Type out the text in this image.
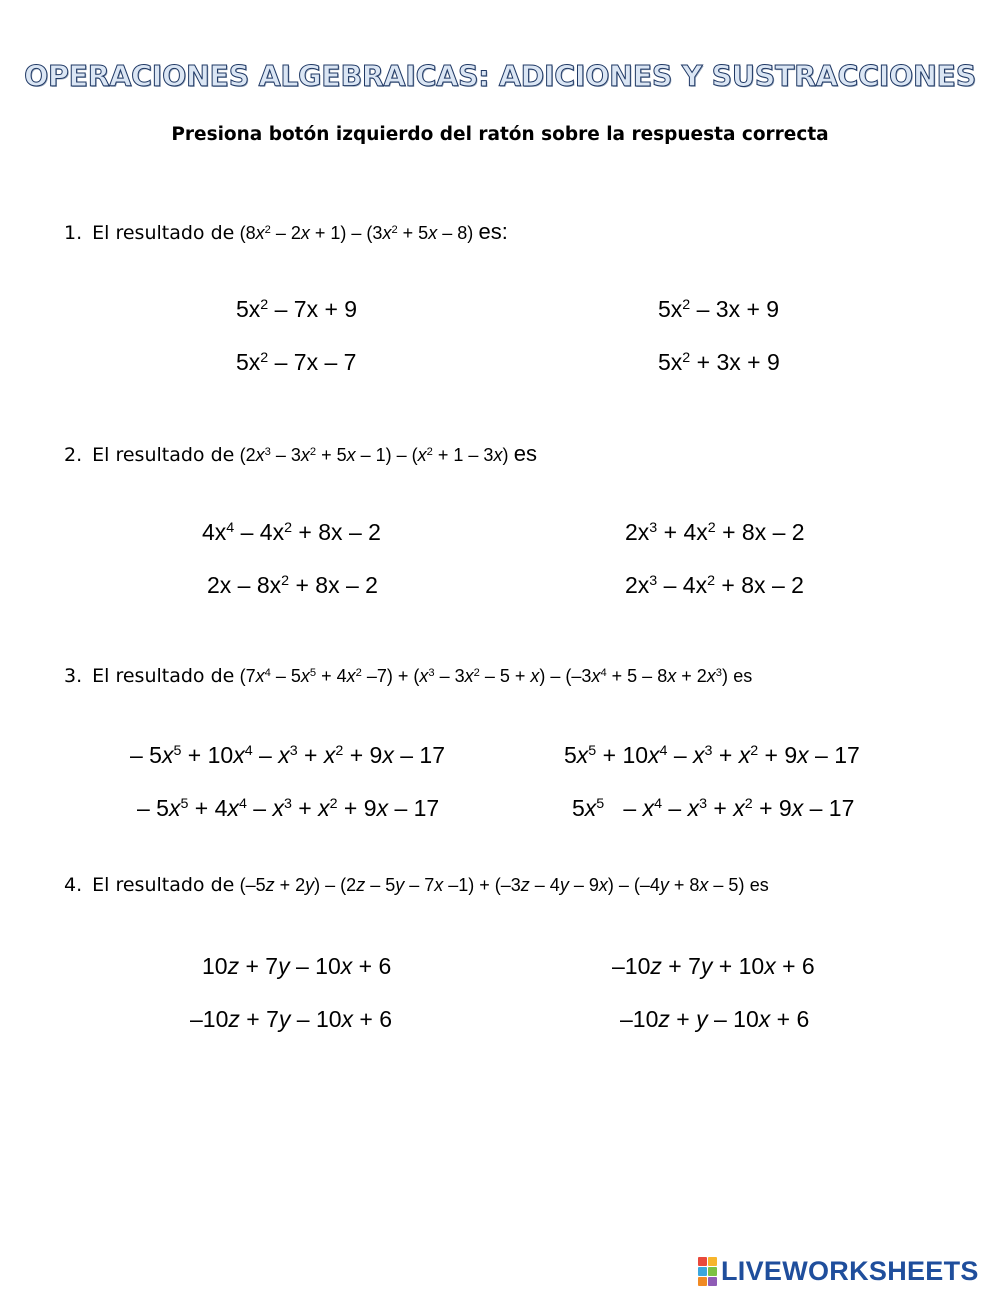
OPERACIONES ALGEBRAICAS: ADICIONES Y SUSTRACCIONES
Presiona botón izquierdo del ratón sobre la respuesta correcta
1. El resultado de $(8x^2 - 2x + 1) - (3x^2 + 5x - 8)$ es:
$5x^2 - 7x + 9$	$5x^2 - 3x + 9$
$5x^2 - 7x - 7$	$5x^2 + 3x + 9$
2. El resultado de $(2x^3 - 3x^2 + 5x - 1) - (x^2 + 1 - 3x)$ es
$4x^4 - 4x^2 + 8x - 2$	$2x^3 + 4x^2 + 8x - 2$
$2x - 8x^2 + 8x - 2$	$2x^3 - 4x^2 + 8x - 2$
3. El resultado de ($7x^4 - 5x^5 + 4x^2$ $-7) + (x^3 - 3x^2 - 5 + x) - (-3x^4 + 5 - 8x + 2x^3)$ es
– $5x^5 + 10x^4 - x^3 + x^2 + 9x - 17$	$5x^5 + 10x^4 - x^3 + x^2 + 9x - 17$
– $5x^5 + 4x^4 - x^3 + x^2 + 9x - 17$	$5x^5 - x^4 - x^3 + x^2 + 9x - 17$
4. El resultado de (–5z + 2y) – (2z – 5y – 7x –1) + (–3z – 4y – 9x) – (–4y + 8x – 5) es
10z + 7y – 10x + 6	–10z + 7y + 10x + 6
–10z + 7y – 10x + 6	–10z + y – 10x + 6
LIVEWORKSHEETS
